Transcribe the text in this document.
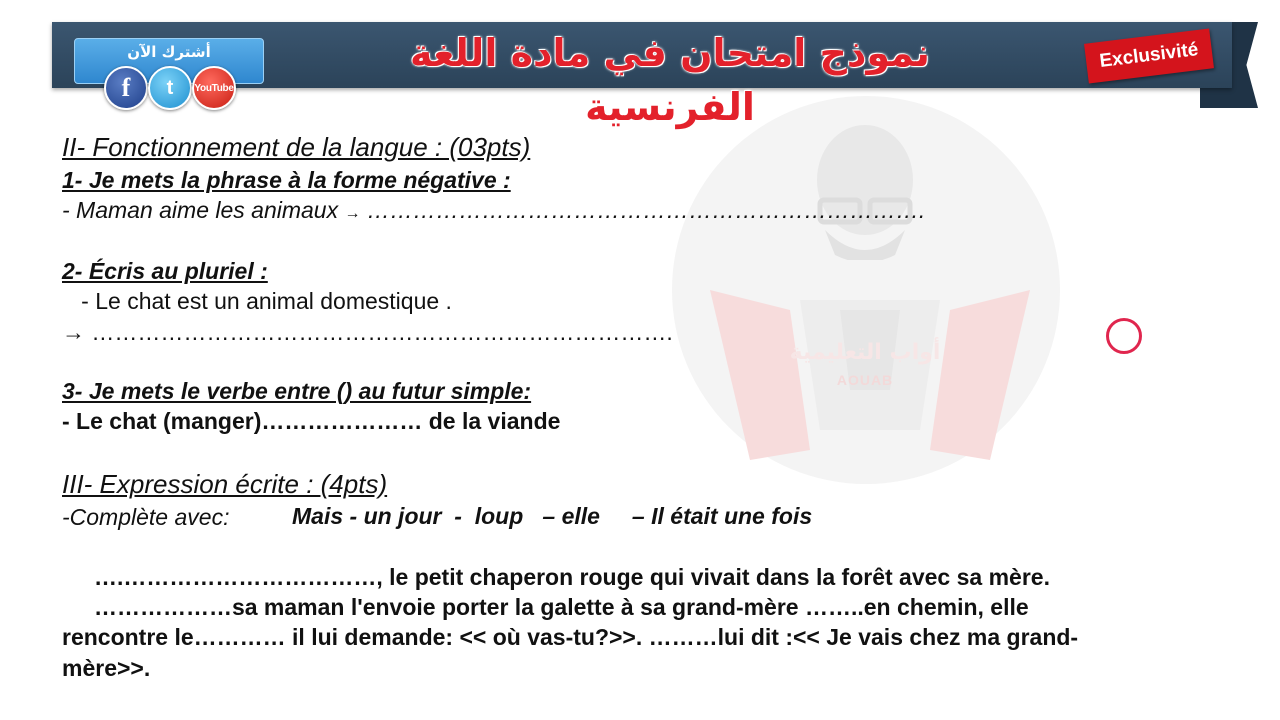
نموذج امتحان في مادة اللغة الفرنسية
أشترك الآن
f	t	YouTube
Exclusivité
أواب التعليمية
AOUAB
II- Fonctionnement de la langue : (03pts)
1- Je mets la phrase à la forme négative :
- Maman aime les animaux → ……………………………………………………………….
2- Écris au pluriel :
- Le chat est un animal domestique .
→ ………………………………………………………………….
3- Je mets le verbe entre () au futur simple:
- Le chat (manger)………………… de la viande
III- Expression écrite : (4pts)
-Complète avec:	Mais - un jour  -  loup   – elle     – Il était une fois
….……………………………, le petit chaperon rouge qui vivait dans la forêt avec sa mère.
………………sa maman l'envoie porter la galette à sa grand-mère ……..en chemin, elle
rencontre le………… il lui demande: << où vas-tu?>>. ………lui dit :<< Je vais chez ma grand-
mère>>.
